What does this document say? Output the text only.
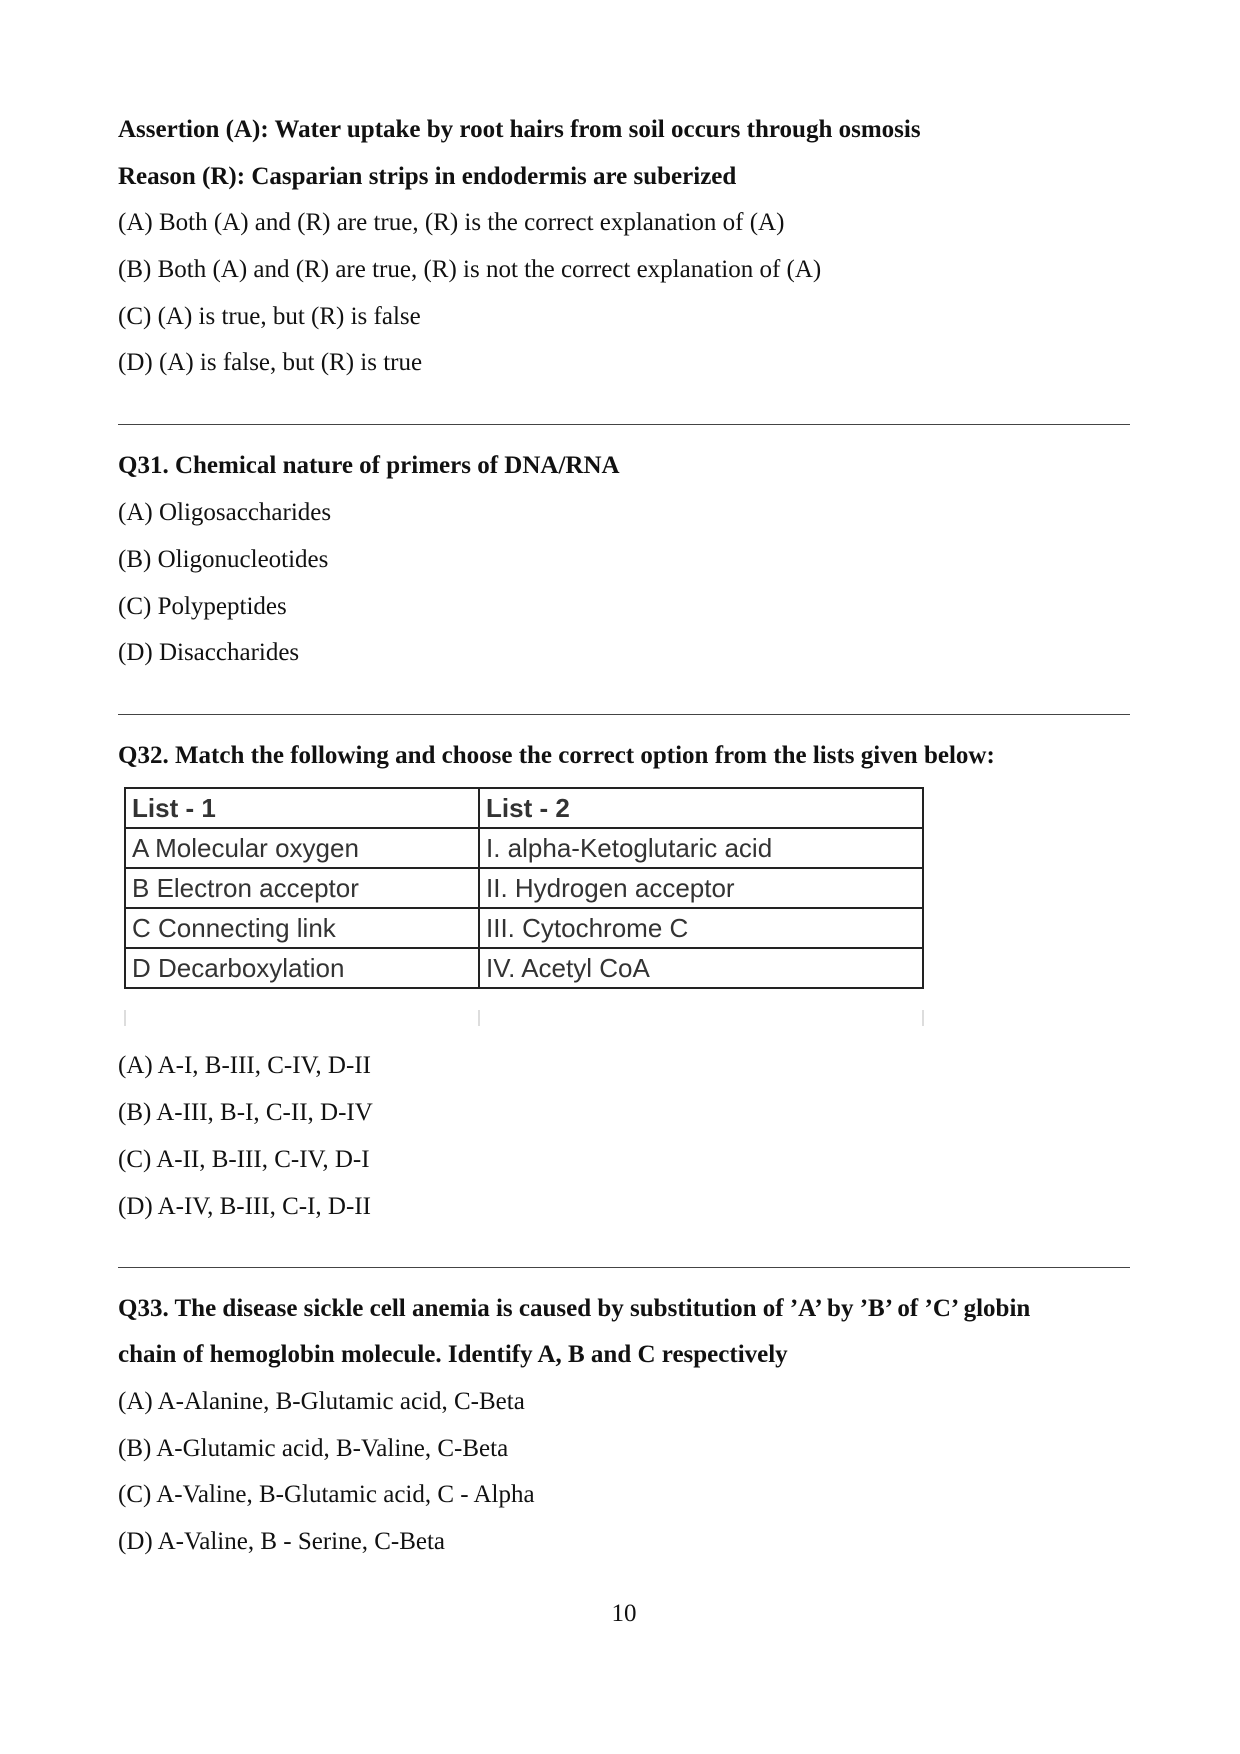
Assertion (A): Water uptake by root hairs from soil occurs through osmosis
Reason (R): Casparian strips in endodermis are suberized
(A) Both (A) and (R) are true, (R) is the correct explanation of (A)
(B) Both (A) and (R) are true, (R) is not the correct explanation of (A)
(C) (A) is true, but (R) is false
(D) (A) is false, but (R) is true
Q31. Chemical nature of primers of DNA/RNA
(A) Oligosaccharides
(B) Oligonucleotides
(C) Polypeptides
(D) Disaccharides
Q32. Match the following and choose the correct option from the lists given below:
List - 1	List - 2
A Molecular oxygen	I. alpha-Ketoglutaric acid
B Electron acceptor	II. Hydrogen acceptor
C Connecting link	III. Cytochrome C
D Decarboxylation	IV. Acetyl CoA
(A) A-I, B-III, C-IV, D-II
(B) A-III, B-I, C-II, D-IV
(C) A-II, B-III, C-IV, D-I
(D) A-IV, B-III, C-I, D-II
Q33. The disease sickle cell anemia is caused by substitution of ’A’ by ’B’ of ’C’ globin
chain of hemoglobin molecule. Identify A, B and C respectively
(A) A-Alanine, B-Glutamic acid, C-Beta
(B) A-Glutamic acid, B-Valine, C-Beta
(C) A-Valine, B-Glutamic acid, C - Alpha
(D) A-Valine, B - Serine, C-Beta
10
